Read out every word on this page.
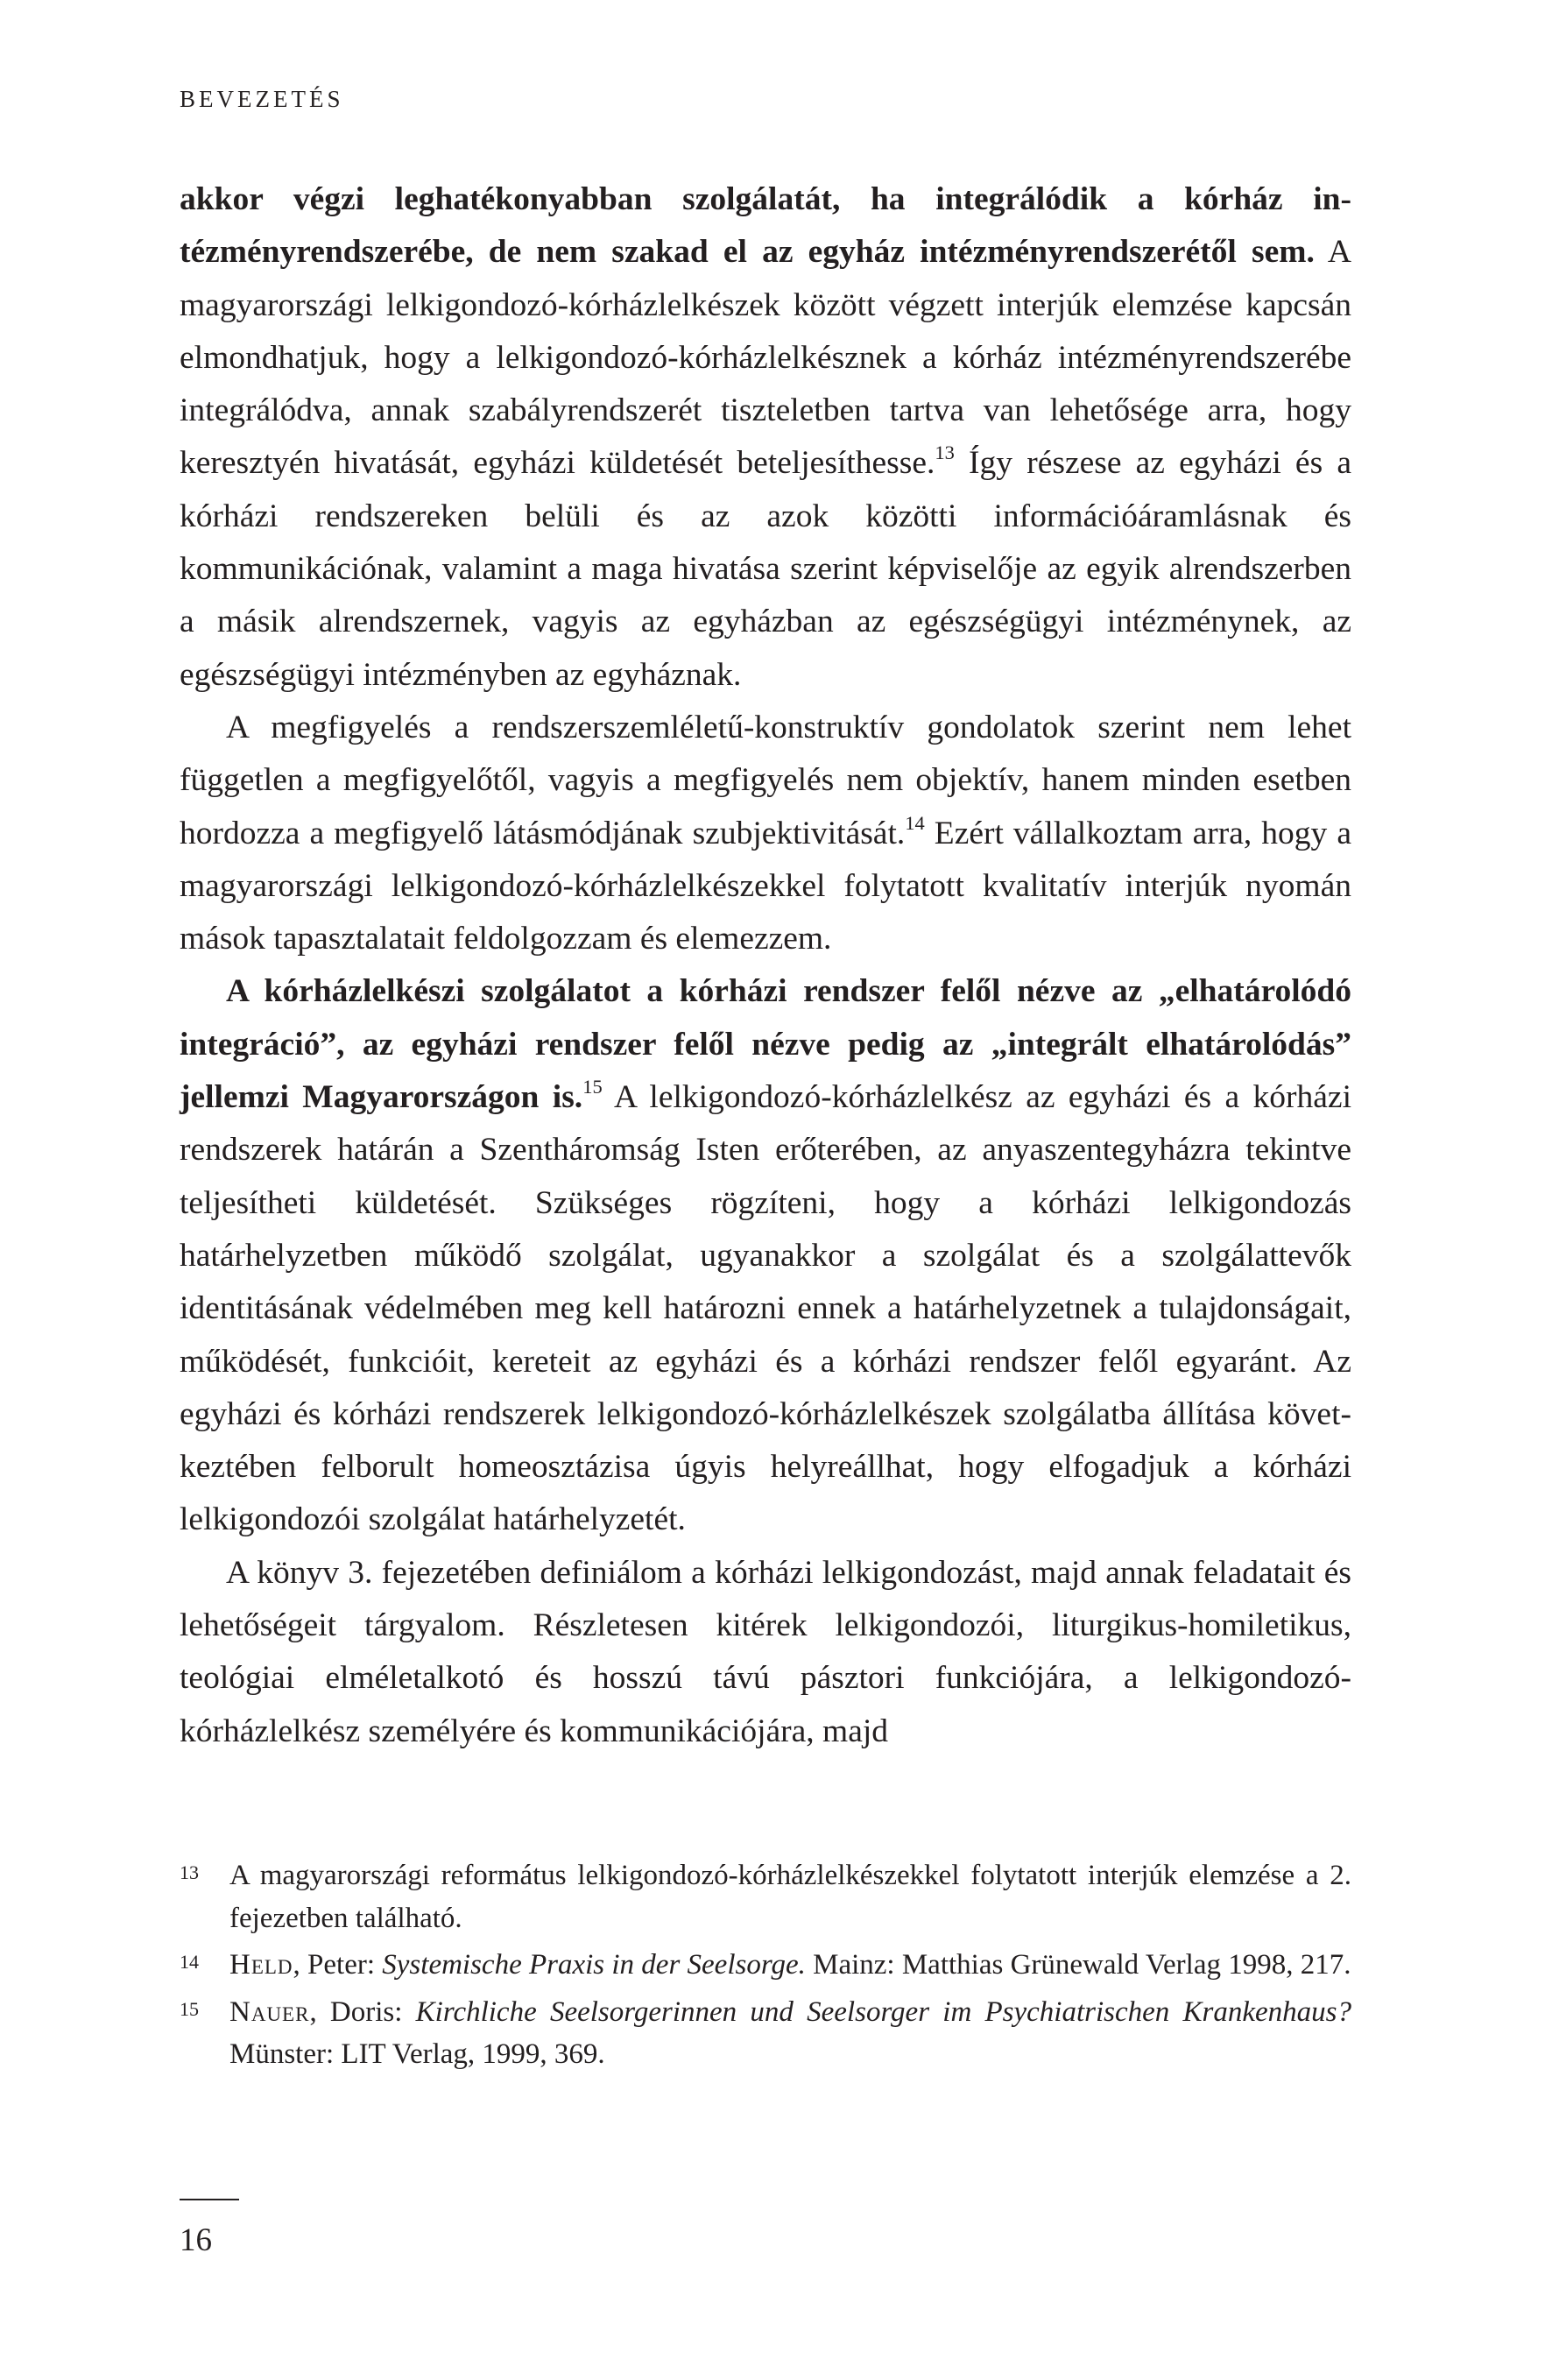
BEVEZETÉS

akkor végzi leghatékonyabban szolgálatát, ha integrálódik a kórház intézményrendszerébe, de nem szakad el az egyház intézményrendszerétől sem. A magyarországi lelkigondozó-kórházlelkészek között végzett interjúk elemzése kapcsán elmondhatjuk, hogy a lelkigondozó-kórházlelkésznek a kórház intézményrendszerébe integrálódva, annak szabályrendszerét tiszteletben tartva van lehetősége arra, hogy keresztyén hivatását, egyházi küldetését beteljesíthesse.$^{13}$ Így részese az egyházi és a kórházi rendszereken belüli és az azok közötti információáramlásnak és kommunikációnak, valamint a maga hivatása szerint képviselője az egyik alrendszerben a másik alrendszernek, vagyis az egyházban az egészségügyi intézménynek, az egészségügyi intézményben az egyháznak.

A megfigyelés a rendszerszemléletű-konstruktív gondolatok szerint nem lehet független a megfigyelőtől, vagyis a megfigyelés nem objektív, hanem minden esetben hordozza a megfigyelő látásmódjának szubjektivitását.$^{14}$ Ezért vállalkoztam arra, hogy a magyarországi lelkigondozó-kórházlelkészekkel folytatott kvalitatív interjúk nyomán mások tapasztalatait feldolgozzam és elemezzem.

A kórházlelkészi szolgálatot a kórházi rendszer felől nézve az „elhatárolódó integráció”, az egyházi rendszer felől nézve pedig az „integrált elhatárolódás” jellemzi Magyarországon is.$^{15}$ A lelkigondozó-kórházlelkész az egyházi és a kórházi rendszerek határán a Szentháromság Isten erőterében, az anyaszentegyházra tekintve teljesítheti küldetését. Szükséges rögzíteni, hogy a kórházi lelkigondozás határhelyzetben működő szolgálat, ugyanakkor a szolgálat és a szolgálattevők identitásának védelmében meg kell határozni ennek a határhelyzetnek a tulajdonságait, működését, funkcióit, kereteit az egyházi és a kórházi rendszer felől egyaránt. Az egyházi és kórházi rendszerek lelkigondozó-kórházlelkészek szolgálatba állítása következtében felborult homeosztázisa úgyis helyreállhat, hogy elfogadjuk a kórházi lelkigondozói szolgálat határhelyzetét.

A könyv 3. fejezetében definiálom a kórházi lelkigondozást, majd annak feladatait és lehetőségeit tárgyalom. Részletesen kitérek lelkigondozói, liturgikus-homiletikus, teológiai elméletalkotó és hosszú távú pásztori funkciójára, a lelkigondozó-kórházlelkész személyére és kommunikációjára, majd

13 A magyarországi református lelkigondozó-kórházlelkészekkel folytatott interjúk elemzése a 2. fejezetben található.
14 Held, Peter: Systemische Praxis in der Seelsorge. Mainz: Matthias Grünewald Verlag 1998, 217.
15 Nauer, Doris: Kirchliche Seelsorgerinnen und Seelsorger im Psychiatrischen Krankenhaus? Münster: LIT Verlag, 1999, 369.
16
